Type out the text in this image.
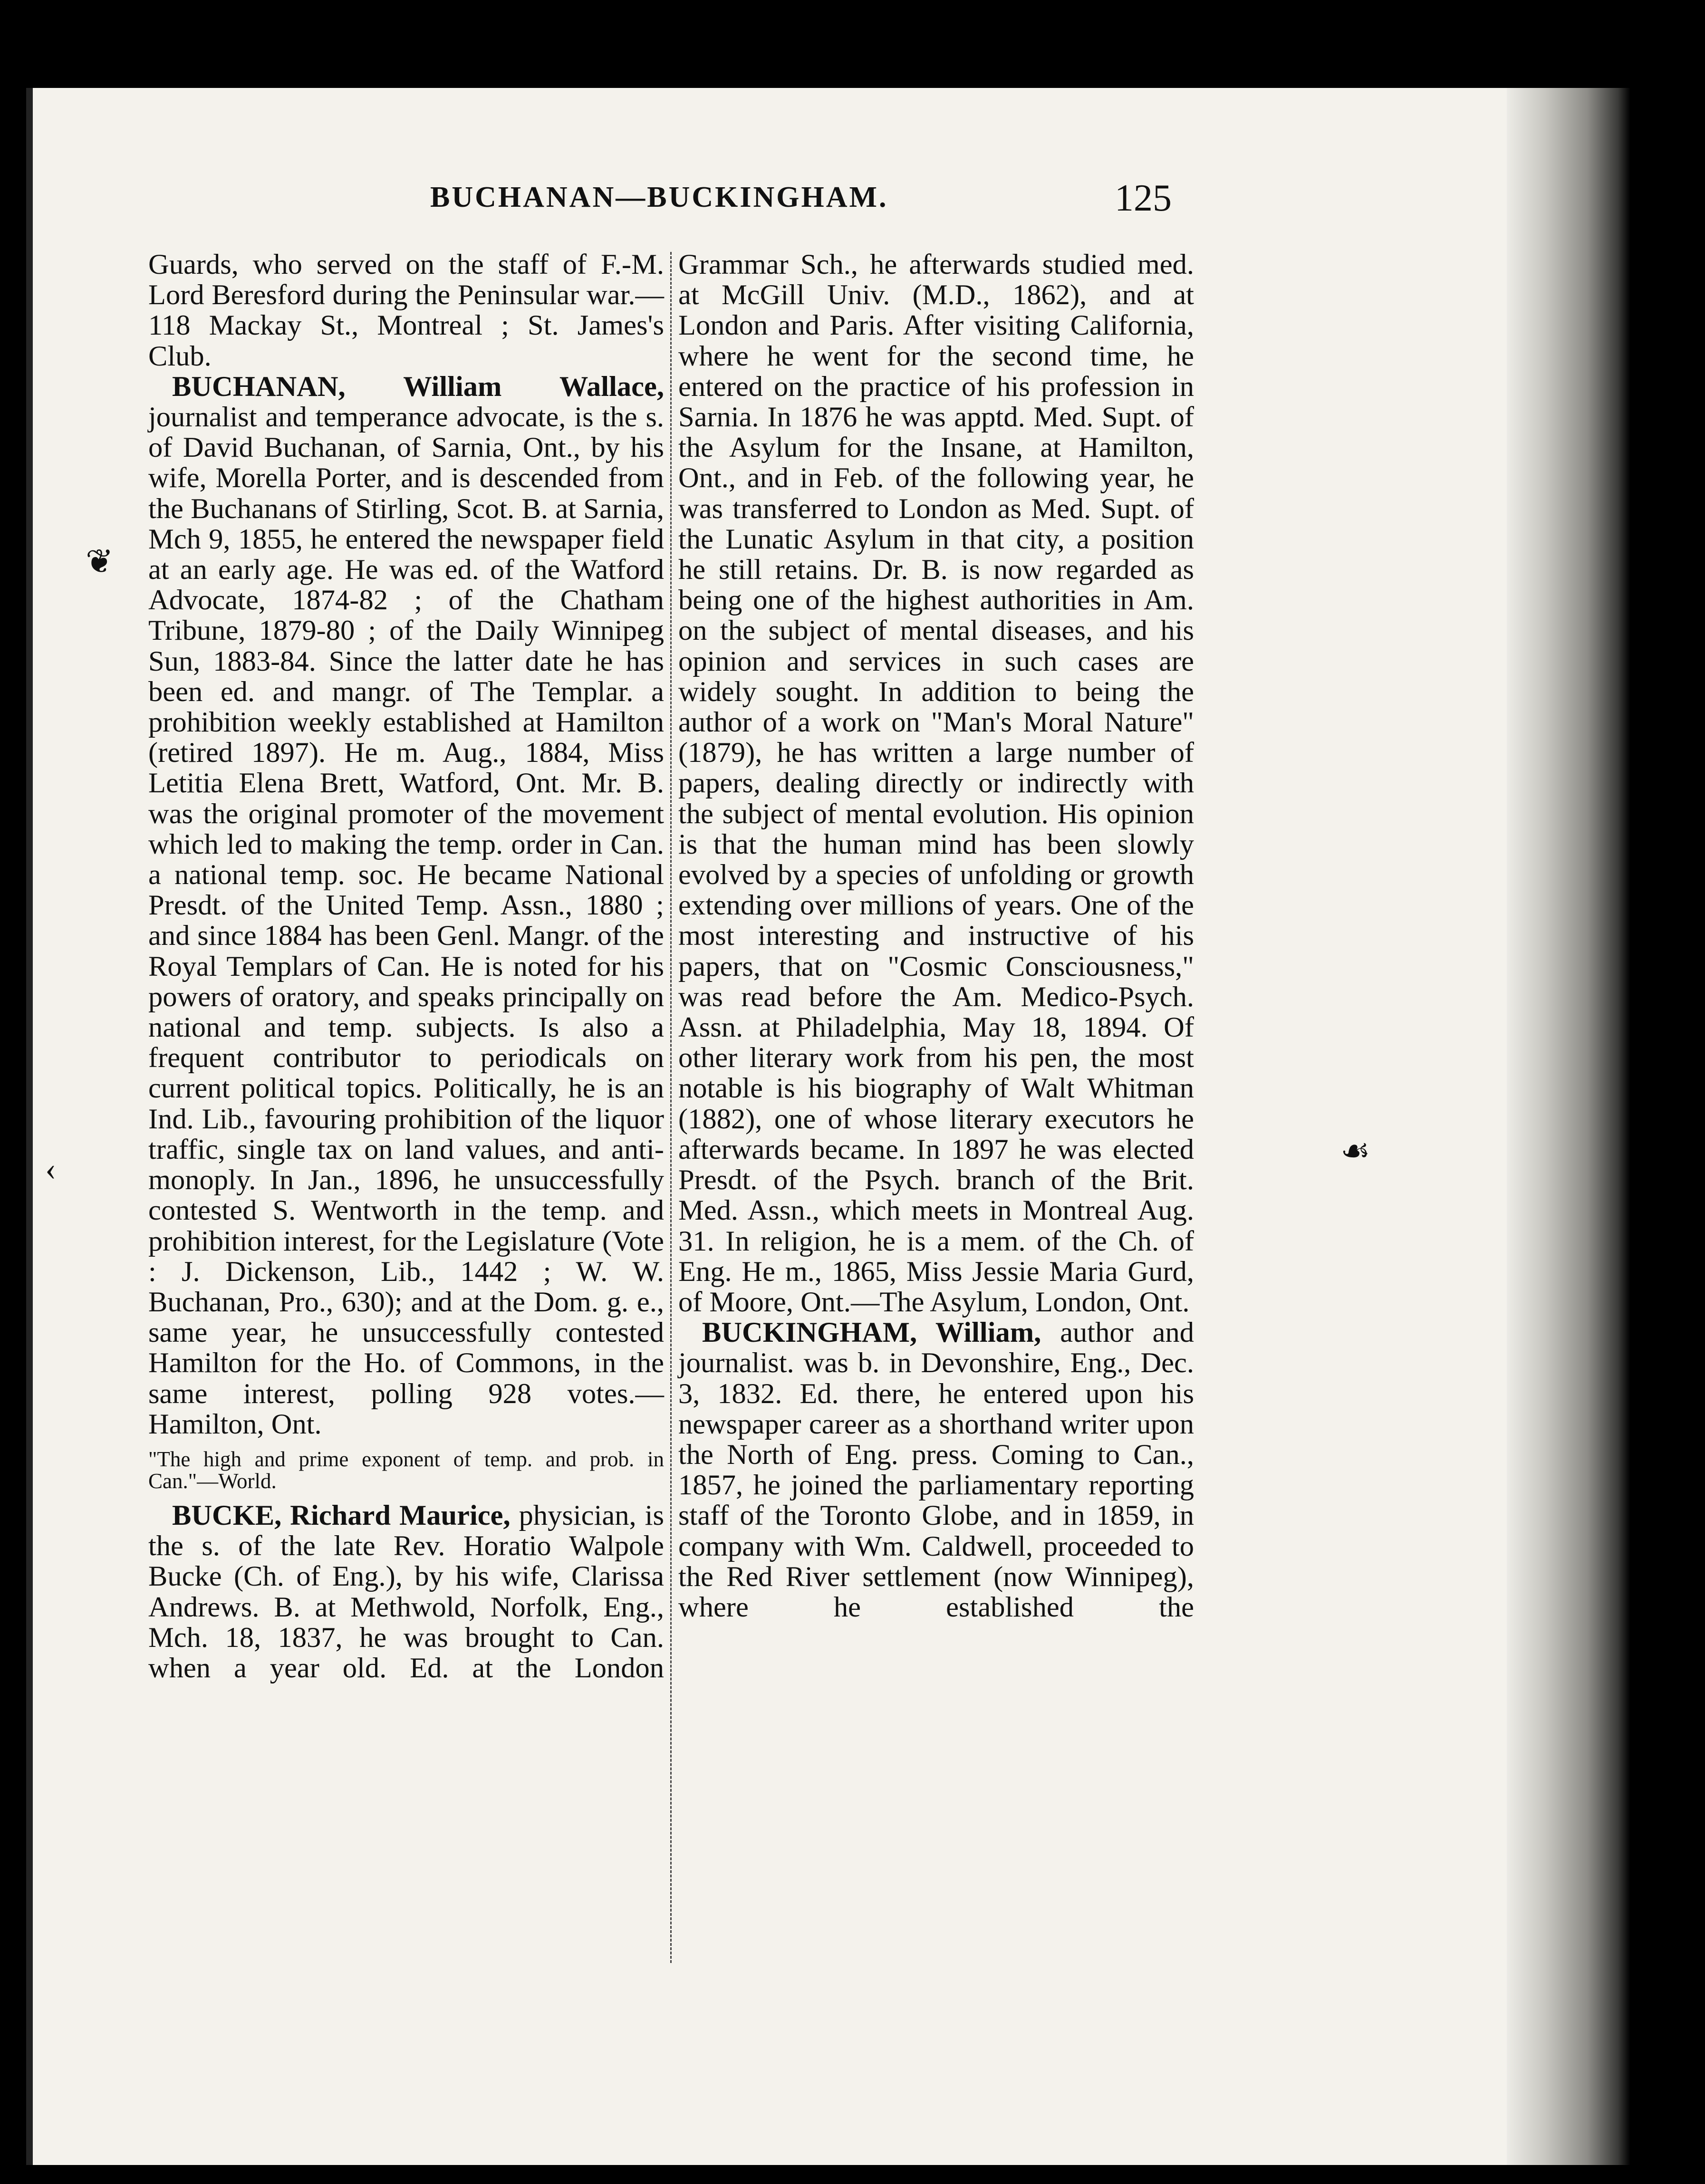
BUCHANAN—BUCKINGHAM.	125

Guards, who served on the staff of F.-M. Lord Beresford during the Peninsular war.—118 Mackay St., Montreal ; St. James's Club.

BUCHANAN, William Wallace, journalist and temperance advocate, is the s. of David Buchanan, of Sarnia, Ont., by his wife, Morella Porter, and is descended from the Buchanans of Stirling, Scot. B. at Sarnia, Mch 9, 1855, he entered the newspaper field at an early age. He was ed. of the Watford Advocate, 1874-82 ; of the Chatham Tribune, 1879-80 ; of the Daily Winnipeg Sun, 1883-84. Since the latter date he has been ed. and mangr. of The Templar. a prohibition weekly established at Hamilton (retired 1897). He m. Aug., 1884, Miss Letitia Elena Brett, Watford, Ont. Mr. B. was the original promoter of the movement which led to making the temp. order in Can. a national temp. soc. He became National Presdt. of the United Temp. Assn., 1880 ; and since 1884 has been Genl. Mangr. of the Royal Templars of Can. He is noted for his powers of oratory, and speaks principally on national and temp. subjects. Is also a frequent contributor to periodicals on current political topics. Politically, he is an Ind. Lib., favouring prohibition of the liquor traffic, single tax on land values, and anti-monoply. In Jan., 1896, he unsuccessfully contested S. Wentworth in the temp. and prohibition interest, for the Legislature (Vote : J. Dickenson, Lib., 1442 ; W. W. Buchanan, Pro., 630); and at the Dom. g. e., same year, he unsuccessfully contested Hamilton for the Ho. of Commons, in the same interest, polling 928 votes.—Hamilton, Ont.

"The high and prime exponent of temp. and prob. in Can."—World.

BUCKE, Richard Maurice, physician, is the s. of the late Rev. Horatio Walpole Bucke (Ch. of Eng.), by his wife, Clarissa Andrews. B. at Methwold, Norfolk, Eng., Mch. 18, 1837, he was brought to Can. when a year old. Ed. at the London

Grammar Sch., he afterwards studied med. at McGill Univ. (M.D., 1862), and at London and Paris. After visiting California, where he went for the second time, he entered on the practice of his profession in Sarnia. In 1876 he was apptd. Med. Supt. of the Asylum for the Insane, at Hamilton, Ont., and in Feb. of the following year, he was transferred to London as Med. Supt. of the Lunatic Asylum in that city, a position he still retains. Dr. B. is now regarded as being one of the highest authorities in Am. on the subject of mental diseases, and his opinion and services in such cases are widely sought. In addition to being the author of a work on "Man's Moral Nature" (1879), he has written a large number of papers, dealing directly or indirectly with the subject of mental evolution. His opinion is that the human mind has been slowly evolved by a species of unfolding or growth extending over millions of years. One of the most interesting and instructive of his papers, that on "Cosmic Consciousness," was read before the Am. Medico-Psych. Assn. at Philadelphia, May 18, 1894. Of other literary work from his pen, the most notable is his biography of Walt Whitman (1882), one of whose literary executors he afterwards became. In 1897 he was elected Presdt. of the Psych. branch of the Brit. Med. Assn., which meets in Montreal Aug. 31. In religion, he is a mem. of the Ch. of Eng. He m., 1865, Miss Jessie Maria Gurd, of Moore, Ont.—The Asylum, London, Ont.

BUCKINGHAM, William, author and journalist. was b. in Devonshire, Eng., Dec. 3, 1832. Ed. there, he entered upon his newspaper career as a shorthand writer upon the North of Eng. press. Coming to Can., 1857, he joined the parliamentary reporting staff of the Toronto Globe, and in 1859, in company with Wm. Caldwell, proceeded to the Red River settlement (now Winnipeg), where he established the

❦
‹	☙
